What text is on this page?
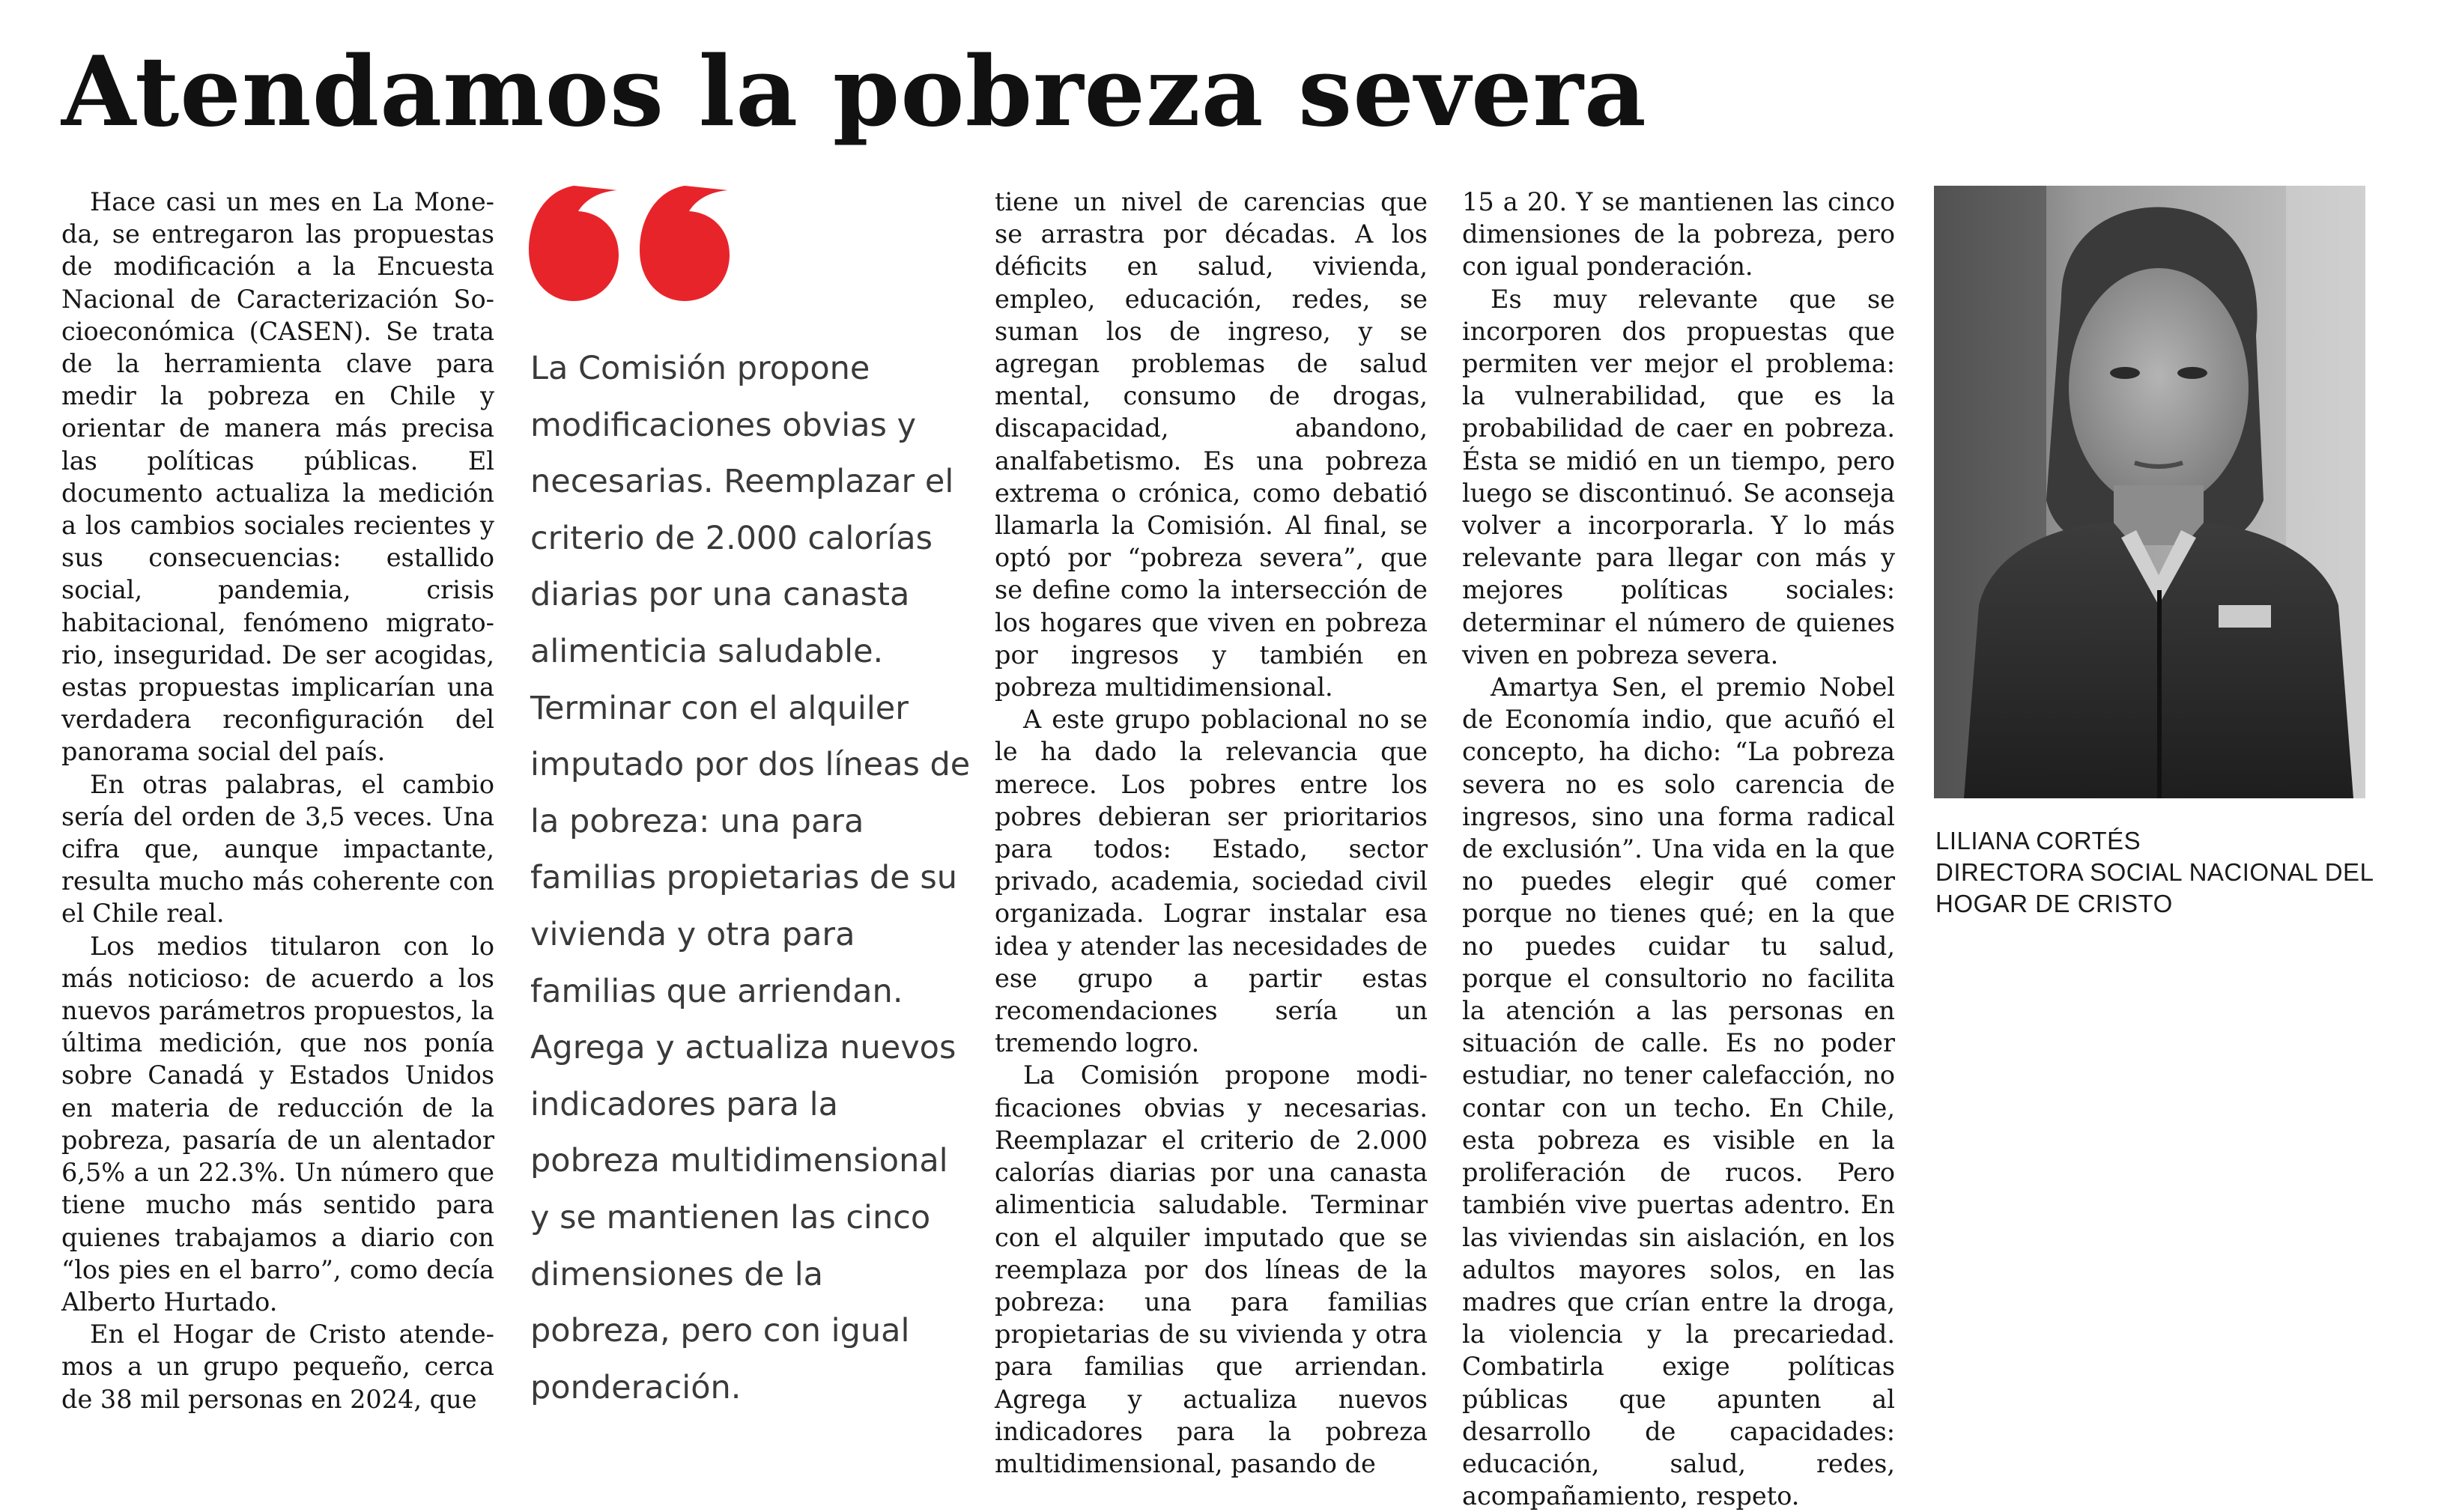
Atendamos la pobreza severa

Hace casi un mes en La Moneda, se entregaron las propuestas de modificación a la Encuesta Nacional de Caracterización Socioeconómica (CASEN). Se trata de la herramienta clave para medir la pobreza en Chile y orientar de manera más precisa las políticas públicas. El documento actualiza la medición a los cambios sociales recientes y sus consecuencias: estallido social, pandemia, crisis habitacional, fenómeno migratorio, inseguridad. De ser acogidas, estas propuestas implicarían una verdadera reconfiguración del panorama social del país.

En otras palabras, el cambio sería del orden de 3,5 veces. Una cifra que, aunque impactante, resulta mucho más coherente con el Chile real.

Los medios titularon con lo más noticioso: de acuerdo a los nuevos parámetros propuestos, la última medición, que nos ponía sobre Canadá y Estados Unidos en materia de reducción de la pobreza, pasaría de un alentador 6,5% a un 22.3%. Un número que tiene mucho más sentido para quienes trabajamos a diario con “los pies en el barro”, como decía Alberto Hurtado.

En el Hogar de Cristo atendemos a un grupo pequeño, cerca de 38 mil personas en 2024, que

La Comisión propone modificaciones obvias y necesarias. Reemplazar el criterio de 2.000 calorías diarias por una canasta alimenticia saludable. Terminar con el alquiler imputado por dos líneas de la pobreza: una para familias propietarias de su vivienda y otra para familias que arriendan. Agrega y actualiza nuevos indicadores para la pobreza multidimensional y se mantienen las cinco dimensiones de la pobreza, pero con igual ponderación.

tiene un nivel de carencias que se arrastra por décadas. A los déficits en salud, vivienda, empleo, educación, redes, se suman los de ingreso, y se agregan problemas de salud mental, consumo de drogas, discapacidad, abandono, analfabetismo. Es una pobreza extrema o crónica, como debatió llamarla la Comisión. Al final, se optó por “pobreza severa”, que se define como la intersección de los hogares que viven en pobreza por ingresos y también en pobreza multidimensional.

A este grupo poblacional no se le ha dado la relevancia que merece. Los pobres entre los pobres debieran ser prioritarios para todos: Estado, sector privado, academia, sociedad civil organizada. Lograr instalar esa idea y atender las necesidades de ese grupo a partir estas recomendaciones sería un tremendo logro.

La Comisión propone modificaciones obvias y necesarias. Reemplazar el criterio de 2.000 calorías diarias por una canasta alimenticia saludable. Terminar con el alquiler imputado que se reemplaza por dos líneas de la pobreza: una para familias propietarias de su vivienda y otra para familias que arriendan. Agrega y actualiza nuevos indicadores para la pobreza multidimensional, pasando de

15 a 20. Y se mantienen las cinco dimensiones de la pobreza, pero con igual ponderación.

Es muy relevante que se incorporen dos propuestas que permiten ver mejor el problema: la vulnerabilidad, que es la probabilidad de caer en pobreza. Ésta se midió en un tiempo, pero luego se discontinuó. Se aconseja volver a incorporarla. Y lo más relevante para llegar con más y mejores políticas sociales: determinar el número de quienes viven en pobreza severa.

Amartya Sen, el premio Nobel de Economía indio, que acuñó el concepto, ha dicho: “La pobreza severa no es solo carencia de ingresos, sino una forma radical de exclusión”. Una vida en la que no puedes elegir qué comer porque no tienes qué; en la que no puedes cuidar tu salud, porque el consultorio no facilita la atención a las personas en situación de calle. Es no poder estudiar, no tener calefacción, no contar con un techo. En Chile, esta pobreza es visible en la proliferación de rucos. Pero también vive puertas adentro. En las viviendas sin aislación, en los adultos mayores solos, en las madres que crían entre la droga, la violencia y la precariedad. Combatirla exige políticas públicas que apunten al desarrollo de capacidades: educación, salud, redes, acompañamiento, respeto.

LILIANA CORTÉS
DIRECTORA SOCIAL NACIONAL DEL
HOGAR DE CRISTO
